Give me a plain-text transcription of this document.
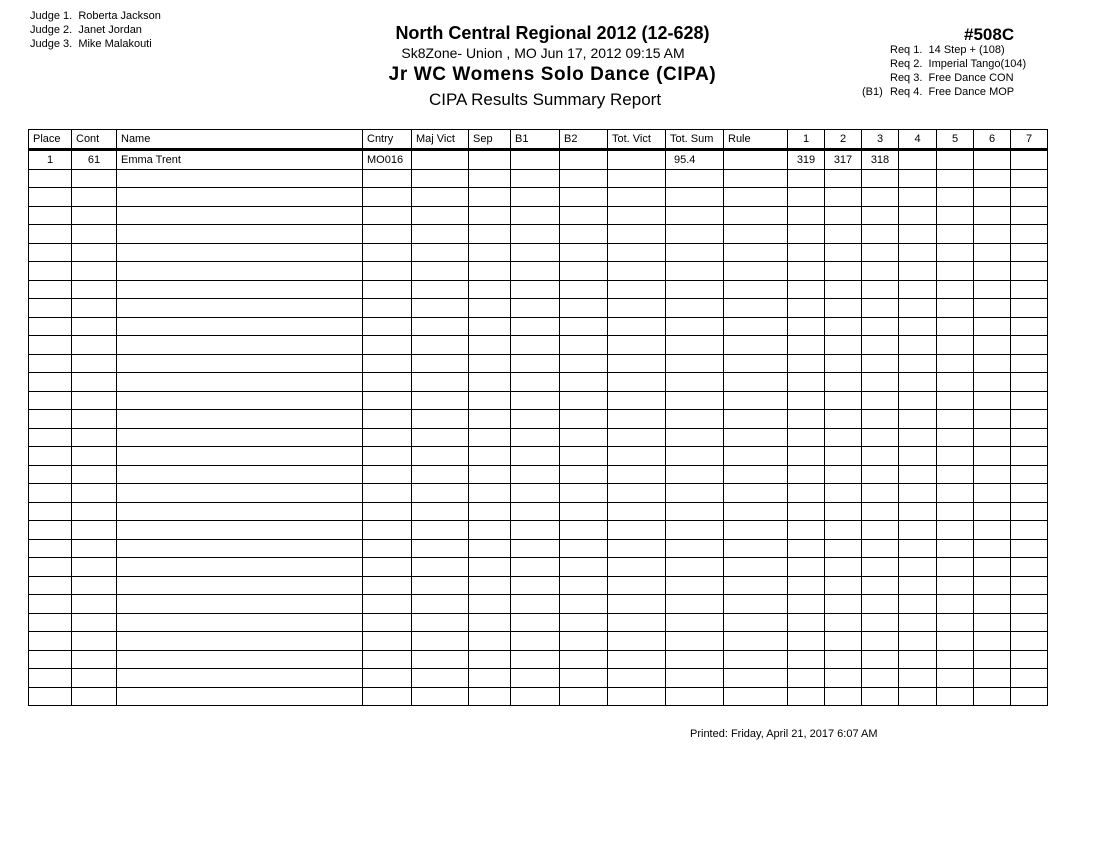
Judge 1. Roberta Jackson
Judge 2. Janet Jordan
Judge 3. Mike Malakouti
North Central Regional 2012 (12-628)
Sk8Zone- Union , MO Jun 17, 2012 09:15 AM
Jr WC Womens Solo Dance (CIPA)
CIPA Results Summary Report
#508C
Req 1. 14 Step + (108)
Req 2. Imperial Tango(104)
Req 3. Free Dance CON
(B1) Req 4. Free Dance MOP
Place	Cont	Name	Cntry	Maj Vict	Sep	B1	B2	Tot. Vict	Tot. Sum	Rule	1	2	3	4	5	6	7
1	61	Emma Trent	MO016						95.4		319	317	318				

Printed: Friday, April 21, 2017 6:07 AM
